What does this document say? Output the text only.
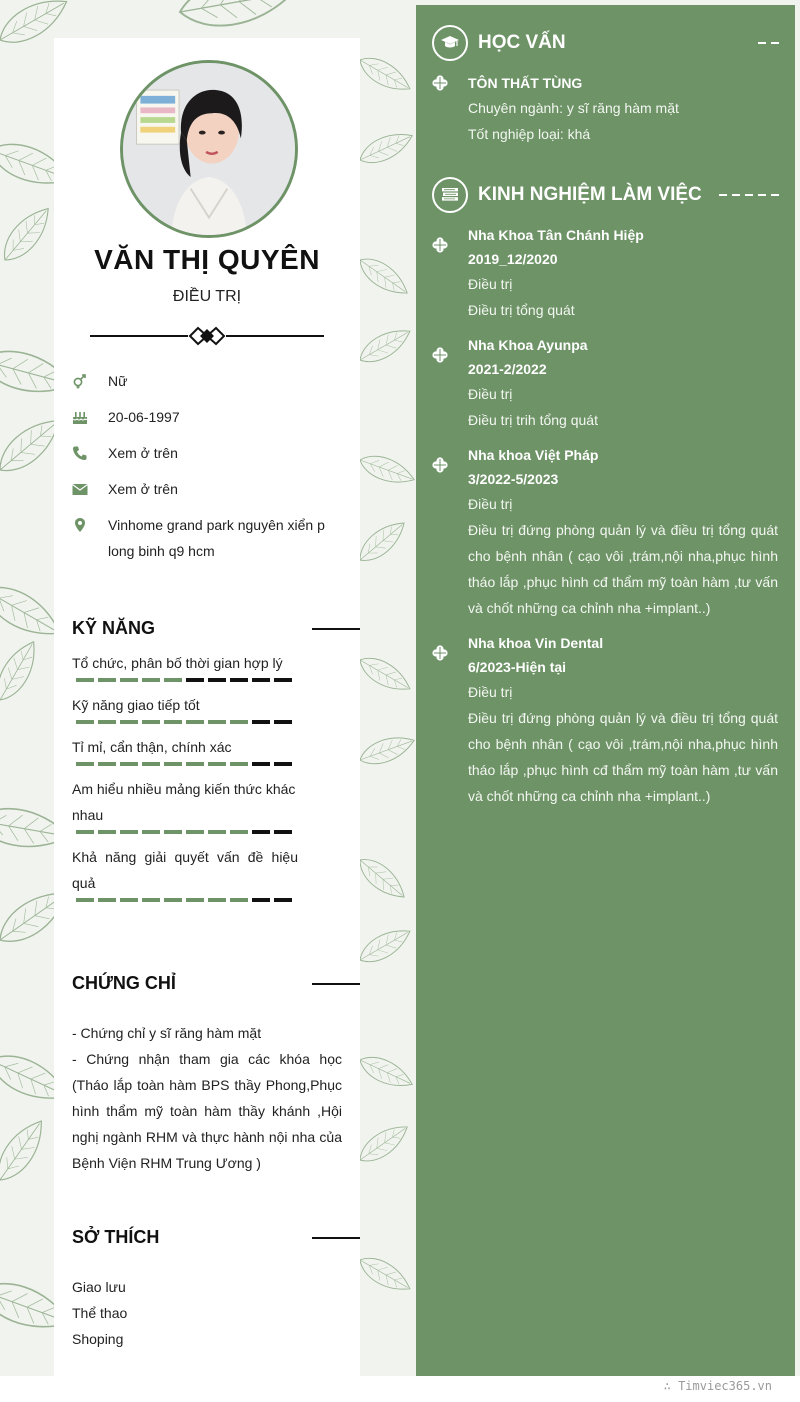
VĂN THỊ QUYÊN
ĐIỀU TRỊ
Nữ
20-06-1997
Xem ở trên
Xem ở trên
Vinhome grand park nguyên xiển p long binh q9 hcm
KỸ NĂNG
Tổ chức, phân bố thời gian hợp lý
Kỹ năng giao tiếp tốt
Tỉ mỉ, cẩn thận, chính xác
Am hiểu nhiều mảng kiến thức khác nhau
Khả năng giải quyết vấn đề hiệu quả
CHỨNG CHỈ
- Chứng chỉ y sĩ răng hàm mặt
- Chứng nhận tham gia các khóa học (Tháo lắp toàn hàm BPS thầy Phong,Phục hình thẩm mỹ toàn hàm thầy khánh ,Hội nghị ngành RHM và thực hành nội nha của Bệnh Viện RHM Trung Ương )
SỞ THÍCH
Giao lưu
Thể thao
Shoping
HỌC VẤN
TÔN THẤT TÙNG
Chuyên ngành: y sĩ răng hàm mặt
Tốt nghiệp loại: khá
KINH NGHIỆM LÀM VIỆC
Nha Khoa Tân Chánh Hiệp
2019_12/2020
Điều trị
Điều trị tổng quát
Nha Khoa Ayunpa
2021-2/2022
Điều trị
Điều trị trih tổng quát
Nha khoa Việt Pháp
3/2022-5/2023
Điều trị
Điều trị đứng phòng quản lý và điều trị tổng quát cho bệnh nhân ( cạo vôi ,trám,nội nha,phục hình tháo lắp ,phục hình cđ thẩm mỹ toàn hàm ,tư vấn và chốt những ca chỉnh nha +implant..)
Nha khoa Vin Dental
6/2023-Hiện tại
Điều trị
Điều trị đứng phòng quản lý và điều trị tổng quát cho bệnh nhân ( cạo vôi ,trám,nội nha,phục hình tháo lắp ,phục hình cđ thẩm mỹ toàn hàm ,tư vấn và chốt những ca chỉnh nha +implant..)
∴ Timviec365.vn
